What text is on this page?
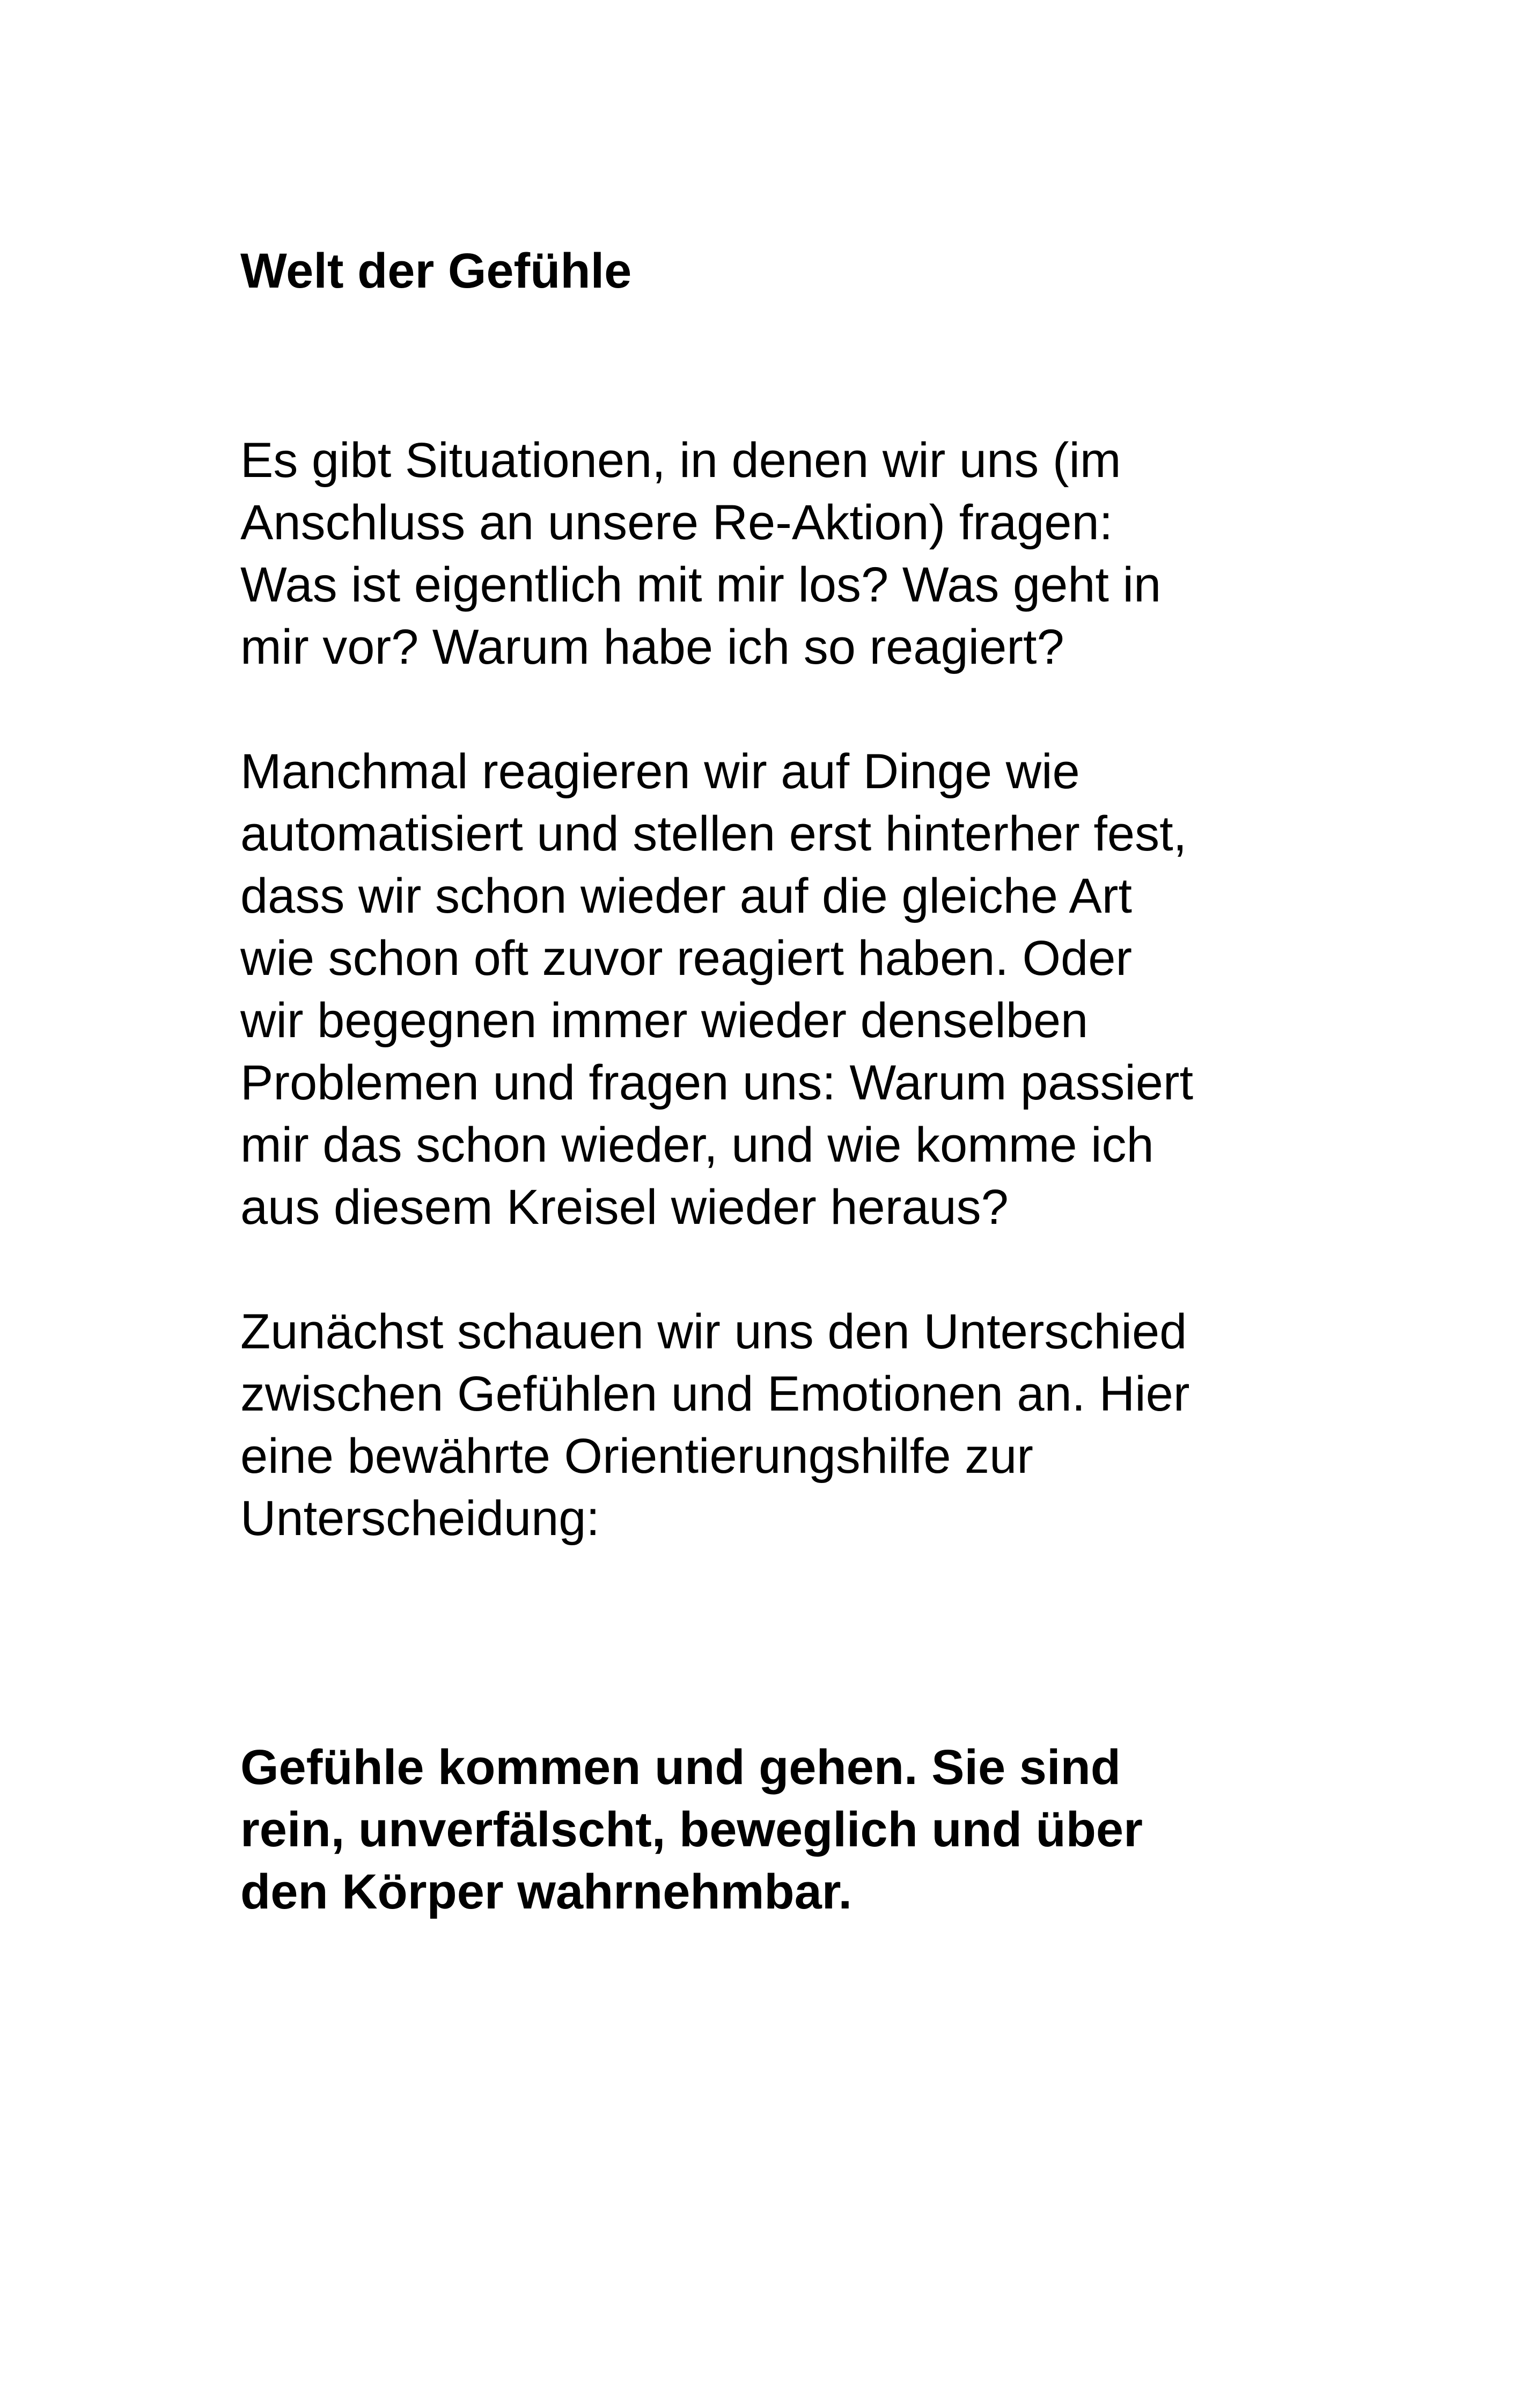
Welt der Gefühle

Es gibt Situationen, in denen wir uns (im
Anschluss an unsere Re-Aktion) fragen:
Was ist eigentlich mit mir los? Was geht in
mir vor? Warum habe ich so reagiert?

Manchmal reagieren wir auf Dinge wie
automatisiert und stellen erst hinterher fest,
dass wir schon wieder auf die gleiche Art
wie schon oft zuvor reagiert haben. Oder
wir begegnen immer wieder denselben
Problemen und fragen uns: Warum passiert
mir das schon wieder, und wie komme ich
aus diesem Kreisel wieder heraus?

Zunächst schauen wir uns den Unterschied
zwischen Gefühlen und Emotionen an. Hier
eine bewährte Orientierungshilfe zur
Unterscheidung:

Gefühle kommen und gehen. Sie sind
rein, unverfälscht, beweglich und über
den Körper wahrnehmbar.
